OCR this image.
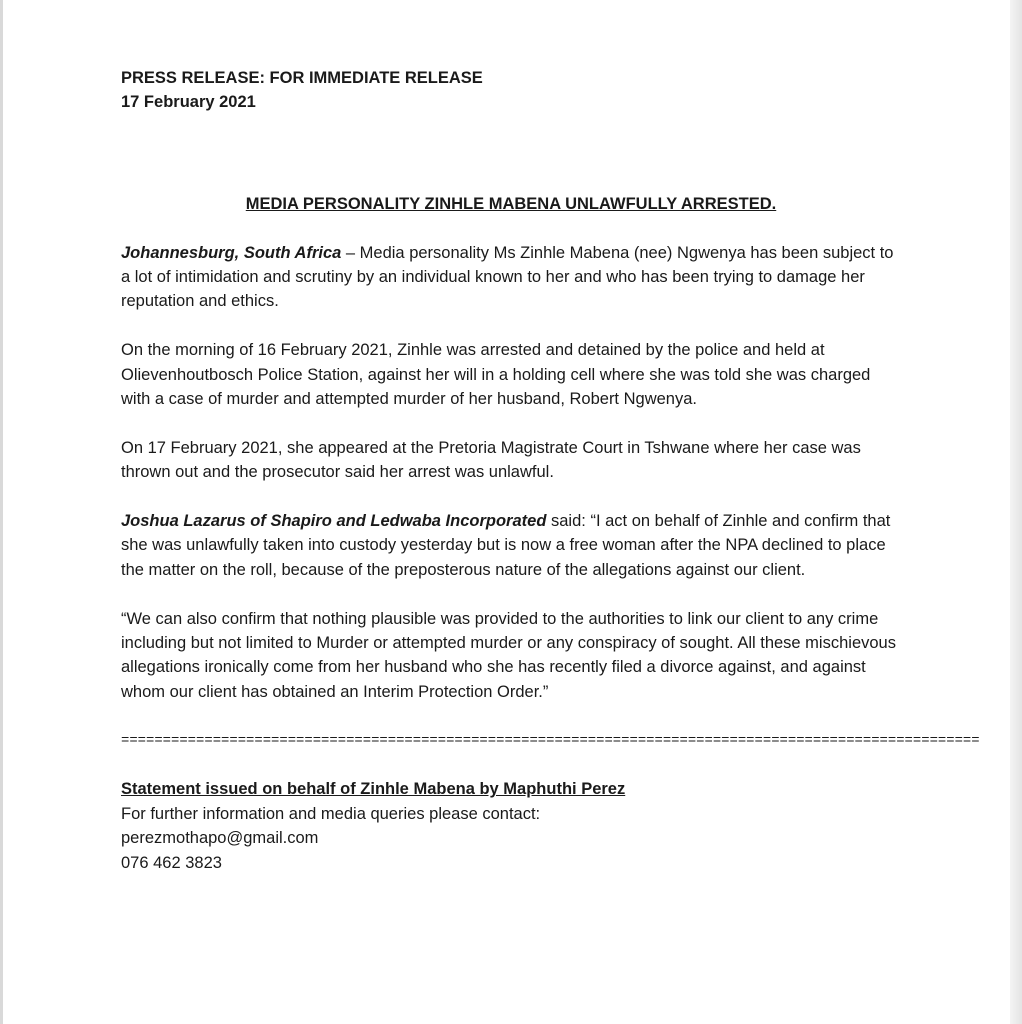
PRESS RELEASE: FOR IMMEDIATE RELEASE

17 February 2021

MEDIA PERSONALITY ZINHLE MABENA UNLAWFULLY ARRESTED.

Johannesburg, South Africa – Media personality Ms Zinhle Mabena (nee) Ngwenya has been subject to a lot of intimidation and scrutiny by an individual known to her and who has been trying to damage her reputation and ethics.

On the morning of 16 February 2021, Zinhle was arrested and detained by the police and held at Olievenhoutbosch Police Station, against her will in a holding cell where she was told she was charged with a case of murder and attempted murder of her husband, Robert Ngwenya.

On 17 February 2021, she appeared at the Pretoria Magistrate Court in Tshwane where her case was thrown out and the prosecutor said her arrest was unlawful.

Joshua Lazarus of Shapiro and Ledwaba Incorporated said: “I act on behalf of Zinhle and confirm that she was unlawfully taken into custody yesterday but is now a free woman after the NPA declined to place the matter on the roll, because of the preposterous nature of the allegations against our client.

“We can also confirm that nothing plausible was provided to the authorities to link our client to any crime including but not limited to Murder or attempted murder or any conspiracy of sought. All these mischievous allegations ironically come from her husband who she has recently filed a divorce against, and against whom our client has obtained an Interim Protection Order.”

=======================================================================================================

Statement issued on behalf of Zinhle Mabena by Maphuthi Perez

For further information and media queries please contact:

perezmothapo@gmail.com

076 462 3823
